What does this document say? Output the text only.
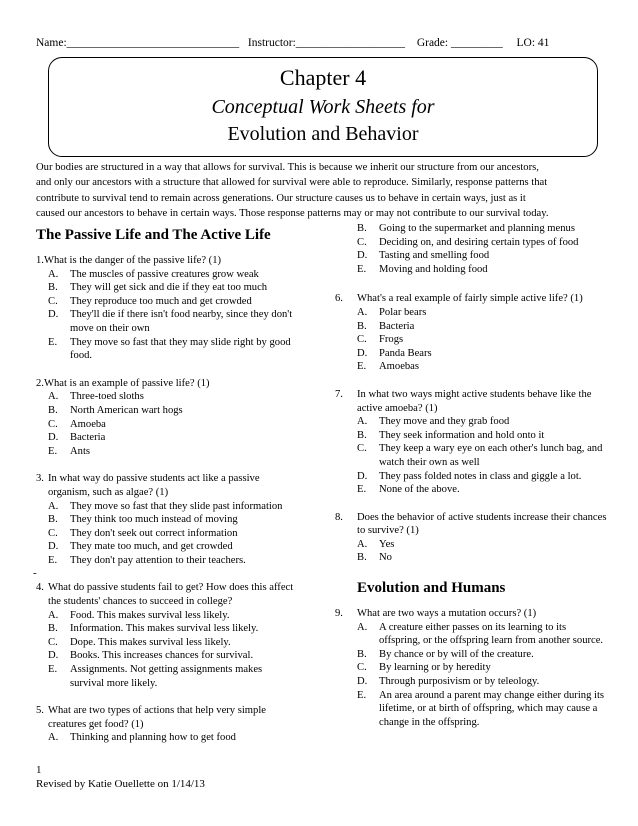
Name:______________________________ Instructor:___________________ Grade: _________ LO: 41
Chapter 4
Conceptual Work Sheets for
Evolution and Behavior
Our bodies are structured in a way that allows for survival. This is because we inherit our structure from our ancestors,
and only our ancestors with a structure that allowed for survival were able to reproduce. Similarly, response patterns that
contribute to survival tend to remain across generations. Our structure causes us to behave in certain ways, just as it
caused our ancestors to behave in certain ways. Those response patterns may or may not contribute to our survival today.
The Passive Life and The Active Life
1. What is the danger of the passive life? (1)
A.	The muscles of passive creatures grow weak
B.	They will get sick and die if they eat too much
C.	They reproduce too much and get crowded
D.	They'll die if there isn't food nearby, since they don't move on their own
E.	They move so fast that they may slide right by good food.
2. What is an example of passive life? (1)
A.	Three-toed sloths
B.	North American wart hogs
C.	Amoeba
D.	Bacteria
E.	Ants
3. In what way do passive students act like a passive organism, such as algae? (1)
A.	They move so fast that they slide past information
B.	They think too much instead of moving
C.	They don't seek out correct information
D.	They mate too much, and get crowded
E.	They don't pay attention to their teachers.
4. What do passive students fail to get? How does this affect the students' chances to succeed in college?
A.	Food. This makes survival less likely.
B.	Information. This makes survival less likely.
C.	Dope. This makes survival less likely.
D.	Books. This increases chances for survival.
E.	Assignments. Not getting assignments makes survival more likely.
5. What are two types of actions that help very simple creatures get food? (1)
A.	Thinking and planning how to get food
B.	Going to the supermarket and planning menus
C.	Deciding on, and desiring certain types of food
D.	Tasting and smelling food
E.	Moving and holding food
6.	What's a real example of fairly simple active life? (1)
A.	Polar bears
B.	Bacteria
C.	Frogs
D.	Panda Bears
E.	Amoebas
7.	In what two ways might active students behave like the active amoeba? (1)
A.	They move and they grab food
B.	They seek information and hold onto it
C.	They keep a wary eye on each other's lunch bag, and watch their own as well
D.	They pass folded notes in class and giggle a lot.
E.	None of the above.
8.	Does the behavior of active students increase their chances to survive? (1)
A.	Yes
B.	No
Evolution and Humans
9.	What are two ways a mutation occurs? (1)
A.	A creature either passes on its learning to its offspring, or the offspring learn from another source.
B.	By chance or by will of the creature.
C.	By learning or by heredity
D.	Through purposivism or by teleology.
E.	An area around a parent may change either during its lifetime, or at birth of offspring, which may cause a change in the offspring.
-
1
Revised by Katie Ouellette on 1/14/13
